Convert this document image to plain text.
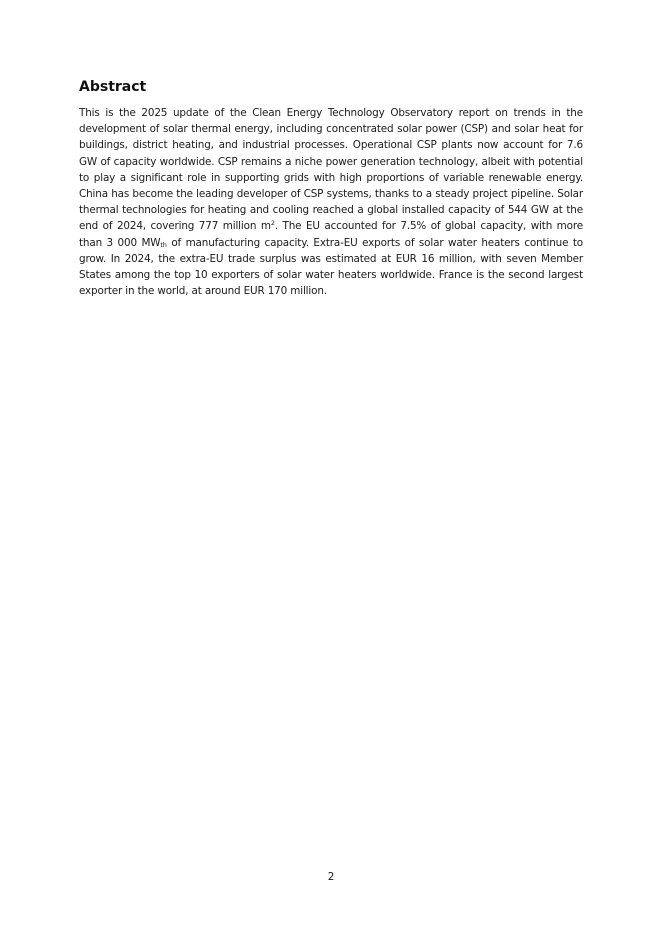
Abstract

This is the 2025 update of the Clean Energy Technology Observatory report on trends in the development of solar thermal energy, including concentrated solar power (CSP) and solar heat for buildings, district heating, and industrial processes. Operational CSP plants now account for 7.6 GW of capacity worldwide. CSP remains a niche power generation technology, albeit with potential to play a significant role in supporting grids with high proportions of variable renewable energy. China has become the leading developer of CSP systems, thanks to a steady project pipeline. Solar thermal technologies for heating and cooling reached a global installed capacity of 544 GW at the end of 2024, covering 777 million $m^2$. The EU accounted for 7.5% of global capacity, with more than 3 000 $MW_{th}$ of manufacturing capacity. Extra-EU exports of solar water heaters continue to grow. In 2024, the extra-EU trade surplus was estimated at EUR 16 million, with seven Member States among the top 10 exporters of solar water heaters worldwide. France is the second largest exporter in the world, at around EUR 170 million.

2
